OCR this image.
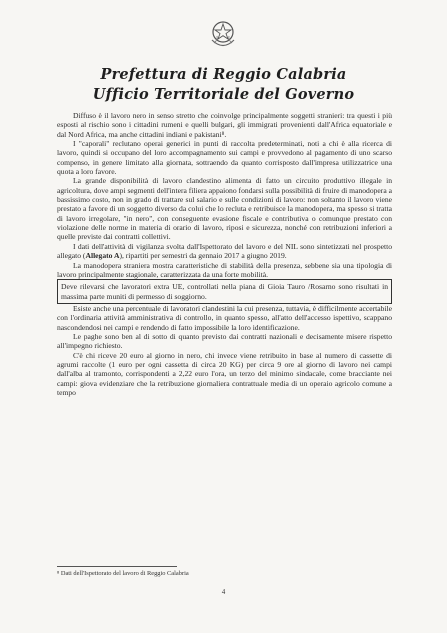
Prefettura di Reggio Calabria
Ufficio Territoriale del Governo

Diffuso è il lavoro nero in senso stretto che coinvolge principalmente soggetti stranieri: tra questi i più esposti al rischio sono i cittadini rumeni e quelli bulgari, gli immigrati provenienti dall'Africa equatoriale e dal Nord Africa, ma anche cittadini indiani e pakistani⁸.

I "caporali" reclutano operai generici in punti di raccolta predeterminati, noti a chi è alla ricerca di lavoro, quindi si occupano del loro accompagnamento sui campi e provvedono al pagamento di uno scarso compenso, in genere limitato alla giornata, sottraendo da quanto corrisposto dall'impresa utilizzatrice una quota a loro favore.

La grande disponibilità di lavoro clandestino alimenta di fatto un circuito produttivo illegale in agricoltura, dove ampi segmenti dell'intera filiera appaiono fondarsi sulla possibilità di fruire di manodopera a bassissimo costo, non in grado di trattare sul salario e sulle condizioni di lavoro: non soltanto il lavoro viene prestato a favore di un soggetto diverso da colui che lo recluta e retribuisce la manodopera, ma spesso si tratta di lavoro irregolare, "in nero", con conseguente evasione fiscale e contributiva o comunque prestato con violazione delle norme in materia di orario di lavoro, riposi e sicurezza, nonché con retribuzioni inferiori a quelle previste dai contratti collettivi.

I dati dell'attività di vigilanza svolta dall'Ispettorato del lavoro e del NIL sono sintetizzati nel prospetto allegato (Allegato A), ripartiti per semestri da gennaio 2017 a giugno 2019.

La manodopera straniera mostra caratteristiche di stabilità della presenza, sebbene sia una tipologia di lavoro principalmente stagionale, caratterizzata da una forte mobilità.

Deve rilevarsi che lavoratori extra UE, controllati nella piana di Gioia Tauro /Rosarno sono risultati in massima parte muniti di permesso di soggiorno.

Esiste anche una percentuale di lavoratori clandestini la cui presenza, tuttavia, è difficilmente accertabile con l'ordinaria attività amministrativa di controllo, in quanto spesso, all'atto dell'accesso ispettivo, scappano nascondendosi nei campi e rendendo di fatto impossibile la loro identificazione.

Le paghe sono ben al di sotto di quanto previsto dai contratti nazionali e decisamente misere rispetto all'impegno richiesto.

C'è chi riceve 20 euro al giorno in nero, chi invece viene retribuito in base al numero di cassette di agrumi raccolte (1 euro per ogni cassetta di circa 20 KG) per circa 9 ore al giorno di lavoro nei campi dall'alba al tramonto, corrispondenti a 2,22 euro l'ora, un terzo del minimo sindacale, come bracciante nei campi: giova evidenziare che la retribuzione giornaliera contrattuale media di un operaio agricolo comune a tempo

⁸ Dati dell'Ispettorato del lavoro di Reggio Calabria
4
